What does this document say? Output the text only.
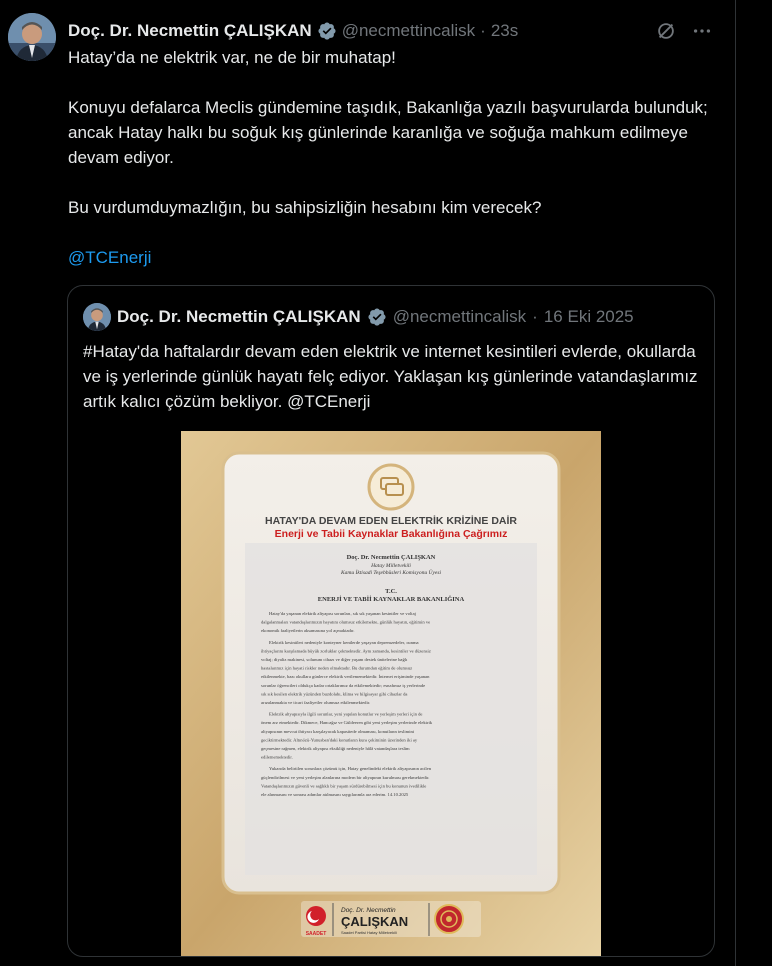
Doç. Dr. Necmettin ÇALIŞKAN @necmettincalisk · 23s

Hatay’da ne elektrik var, ne de bir muhatap!

Konuyu defalarca Meclis gündemine taşıdık, Bakanlığa yazılı başvurularda bulunduk; ancak Hatay halkı bu soğuk kış günlerinde karanlığa ve soğuğa mahkum edilmeye devam ediyor.

Bu vurdumduymazlığın, bu sahipsizliğin hesabını kim verecek?

@TCEnerji

Doç. Dr. Necmettin ÇALIŞKAN @necmettincalisk · 16 Eki 2025
#Hatay'da haftalardır devam eden elektrik ve internet kesintileri evlerde, okullarda ve iş yerlerinde günlük hayatı felç ediyor. Yaklaşan kış günlerinde vatandaşlarımız artık kalıcı çözüm bekliyor. @TCEnerji
HATAY'DA DEVAM EDEN ELEKTRİK KRİZİNE DAİR
Enerji ve Tabii Kaynaklar Bakanlığına Çağrımız
Doç. Dr. Necmettin ÇALIŞKAN
Hatay Milletvekili
Kamu İktisadi Teşebbüsleri Komisyonu Üyesi
T.C.
ENERJİ VE TABİİ KAYNAKLAR BAKANLIĞINA
Hatay'da yaşanan elektrik altyapısı sorunları, sık sık yaşanan kesintiler ve voltaj
dalgalanmaları vatandaşlarımızın hayatını olumsuz etkilemekte, günlük hayatın, eğitimin ve
ekonomik faaliyetlerin aksamasına yol açmaktadır.
Elektrik kesintileri nedeniyle konteyner kentlerde yaşayan depremzedeler, ısınma
ihtiyaçlarını karşılamada büyük zorluklar çekmektedir. Aynı zamanda, kesintiler ve düzensiz
voltaj; diyaliz makinesi, solunum cihazı ve diğer yaşam destek ünitelerine bağlı
hastalarımız için hayati riskler neden olmaktadır. Bu durumdan eğitim de olumsuz
etkilenmekte, bazı okullara günlerce elektrik verilememektedir. İnternet erişiminde yaşanan
sorunlar öğrencileri oldukça kadar ortaklarımız da etkilemektedir; esnafımız iş yerlerinde
sık sık kesilen elektrik yüzünden buzdolabı, klima ve bilgisayar gibi cihazlar da
arızalanmakta ve ticari faaliyetler olumsuz etkilenmektedir.
Elektrik altyapısıyla ilgili sorunlar, yeni yapılan konutlar ve yerleşim yerleri için de
önem arz etmektedir. Dikmece, Hancağız ve Güldeeren gibi yeni yerleşim yerlerinde elektrik
altyapısının mevcut ihtiyacı karşılayacak kapasitede olmaması, konutların teslimini
geciktirmektedir. Altınözü-Yunusban'daki konutların kura çekiminin üzerinden iki ay
geçmesine rağmen, elektrik altyapısı eksikliği nedeniyle hâlâ vatandaşlara teslim
edilememektedir.
Yukarıda belirtilen sorunlara çözümü için, Hatay genelindeki elektrik altyapısının acilen
güçlendirilmesi ve yeni yerleşim alanlarına modern bir altyapının kurulması gerekmektedir.
Vatandaşlarımızın güvenli ve sağlıklı bir yaşam sürdürebilmesi için bu konunun ivedilikle
ele alınmasını ve sonrası adımlar atılmasını saygılarımla arz ederim. 14.10.2025
SAADET
Doç. Dr. Necmettin
ÇALIŞKAN
Saadet Partisi Hatay Milletvekili
